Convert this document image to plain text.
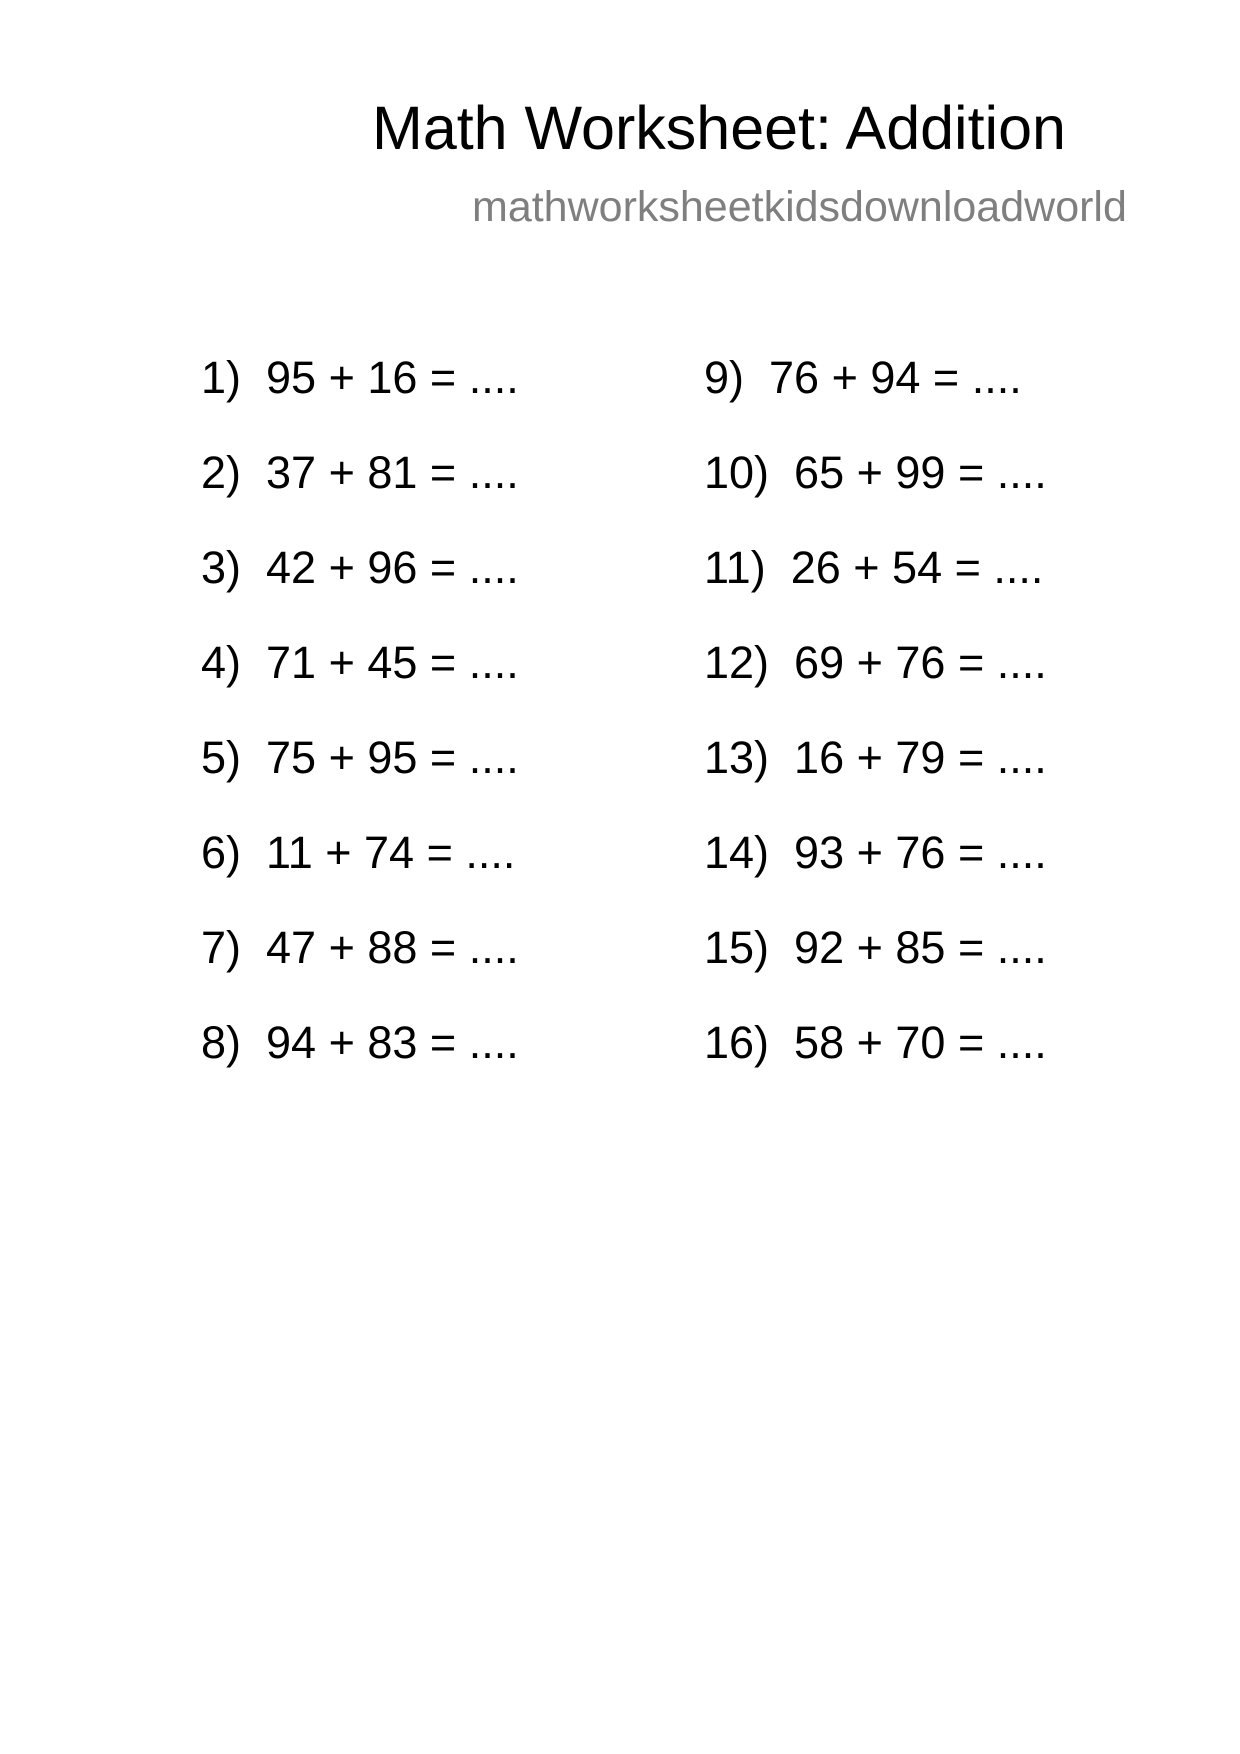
Math Worksheet: Addition
mathworksheetkidsdownloadworld
1)  95 + 16 = ....
2)  37 + 81 = ....
3)  42 + 96 = ....
4)  71 + 45 = ....
5)  75 + 95 = ....
6)  11 + 74 = ....
7)  47 + 88 = ....
8)  94 + 83 = ....
9)  76 + 94 = ....
10)  65 + 99 = ....
11)  26 + 54 = ....
12)  69 + 76 = ....
13)  16 + 79 = ....
14)  93 + 76 = ....
15)  92 + 85 = ....
16)  58 + 70 = ....
